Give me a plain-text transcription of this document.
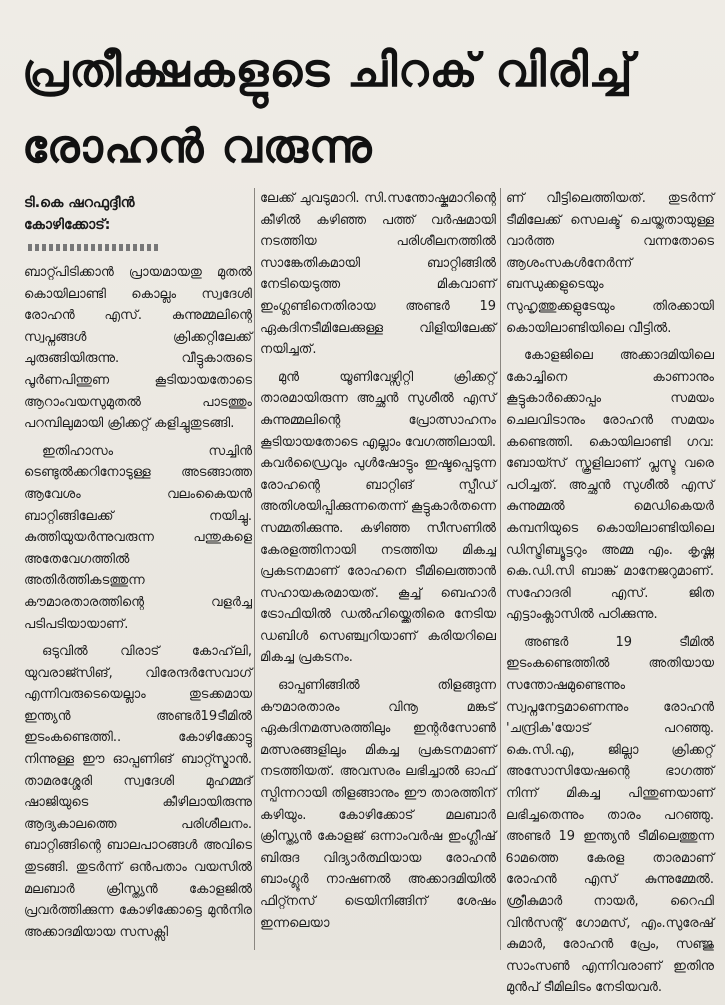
പ്രതീക്ഷകളുടെ ചിറക് വിരിച്ച്
രോഹൻ വരുന്നു
ടി.കെ ഷറഫുദ്ദീൻ
കോഴിക്കോട്:

ബാറ്റ്പിടിക്കാൻ പ്രായമായതു മുതൽ കൊയിലാണ്ടി കൊല്ലം സ്വദേശി രോഹൻ എസ്. കുന്നുമ്മലിന്റെ സ്വപ്നങ്ങൾ ക്രിക്കറ്റിലേക്ക് ചുരുങ്ങിയിരുന്നു. വീട്ടുകാരുടെ പൂർണപിന്തുണ കൂടിയായതോടെ ആറാംവയസുമുതൽ പാടത്തും പറമ്പിലുമായി ക്രിക്കറ്റ് കളിച്ചുതുടങ്ങി.

ഇതിഹാസം സച്ചിൻ ടെണ്ടുൽക്കറിനോടുള്ള അടങ്ങാത്ത ആവേശം വലംകൈയൻ ബാറ്റിങ്ങിലേക്ക് നയിച്ചു. കുത്തിയുയർന്നുവരുന്ന പന്തുകളെ അതേവേഗത്തിൽ അതിർത്തികടത്തുന്ന കൗമാരതാരത്തിന്റെ വളർച്ച പടിപടിയായാണ്.

ഒടുവിൽ വിരാട് കോഹ്‌ലി, യുവരാജ്സിങ്, വിരേന്ദർസേവാഗ് എന്നിവരുടെയെല്ലാം തുടക്കമായ ഇന്ത്യൻ അണ്ടർ19ടീമിൽ ഇടംകണ്ടെത്തി.. കോഴിക്കോട്ടു നിന്നുള്ള ഈ ഓപ്പണിങ് ബാറ്റ്സ്മാൻ. താമരശ്ശേരി സ്വദേശി മുഹമ്മദ് ഷാജിയുടെ കീഴിലായിരുന്നു ആദ്യകാലത്തെ പരിശീലനം. ബാറ്റിങ്ങിന്റെ ബാലപാഠങ്ങൾ അവിടെ തുടങ്ങി. തുടർന്ന് ഒൻപതാം വയസിൽ മലബാർ ക്രിസ്ത്യൻ കോളജിൽ പ്രവർത്തിക്കുന്ന കോഴിക്കോട്ടെ മുൻനിര അക്കാദമിയായ സസക്സി

ലേക്ക് ചുവടുമാറി. സി.സന്തോഷ്കുമാറിന്റെ കീഴിൽ കഴിഞ്ഞ പത്ത് വർഷമായി നടത്തിയ പരിശീലനത്തിൽ സാങ്കേതികമായി ബാറ്റിങ്ങിൽ നേടിയെടുത്ത മികവാണ് ഇംഗ്ലണ്ടിനെതിരായ അണ്ടർ 19 ഏകദിനടീമിലേക്കുള്ള വിളിയിലേക്ക് നയിച്ചത്.

മുൻ യൂണിവേഴ്സിറ്റി ക്രിക്കറ്റ് താരമായിരുന്ന അച്ഛൻ സുശീൽ എസ് കുന്നുമ്മലിന്റെ പ്രോത്സാഹനം കൂടിയായതോടെ എല്ലാം വേഗത്തിലായി. കവർഡ്രൈവും പുൾഷോട്ടും ഇഷ്ടപ്പെടുന്ന രോഹന്റെ ബാറ്റിങ് സ്പീഡ് അതിശയിപ്പിക്കുന്നതെന്ന് കൂട്ടുകാർതന്നെ സമ്മതിക്കുന്നു. കഴിഞ്ഞ സീസണിൽ കേരളത്തിനായി നടത്തിയ മികച്ച പ്രകടനമാണ് രോഹനെ ടീമിലെത്താൻ സഹായകരമായത്. കൂച്ച് ബെഹാർ ട്രോഫിയിൽ ഡൽഹിയ്ക്കെതിരെ നേടിയ ഡബിൾ സെഞ്ച്വറിയാണ് കരിയറിലെ മികച്ച പ്രകടനം.

ഓപ്പണിങ്ങിൽ തിളങ്ങുന്ന കൗമാരതാരം വിനൂ മങ്കട് ഏകദിനമത്സരത്തിലും ഇന്റർസോൺ മത്സരങ്ങളിലും മികച്ച പ്രകടനമാണ് നടത്തിയത്. അവസരം ലഭിച്ചാൽ ഓഫ് സ്പിന്നറായി തിളങ്ങാനും ഈ താരത്തിന് കഴിയും. കോഴിക്കോട് മലബാർ ക്രിസ്ത്യൻ കോളജ് ഒന്നാംവർഷ ഇംഗ്ലീഷ് ബിരുദ വിദ്യാർത്ഥിയായ രോഹൻ ബാംഗ്ലൂർ നാഷണൽ അക്കാദമിയിൽ ഫിറ്റ്നസ് ട്രെയിനിങ്ങിന് ശേഷം ഇന്നലെയാ

ണ് വീട്ടിലെത്തിയത്. തുടർന്ന് ടീമിലേക്ക് സെലക്ട് ചെയ്തതായുള്ള വാർത്ത വന്നതോടെ ആശംസകൾനേർന്ന് ബന്ധുക്കളുടെയും സുഹൃത്തുക്കളുടേയും തിരക്കായി കൊയിലാണ്ടിയിലെ വീട്ടിൽ.

കോളജിലെ അക്കാദമിയിലെ കോച്ചിനെ കാണാനും കൂട്ടുകാർക്കൊപ്പം സമയം ചെലവിടാനും രോഹൻ സമയം കണ്ടെത്തി. കൊയിലാണ്ടി ഗവ: ബോയ്സ് സ്കൂളിലാണ് പ്ലസ്ടു വരെ പഠിച്ചത്. അച്ഛൻ സുശീൽ എസ് കുന്നുമ്മൽ മെഡികെയർ കമ്പനിയുടെ കൊയിലാണ്ടിയിലെ ഡിസ്ട്രിബ്യൂട്ടറും അമ്മ എം. കൃഷ്ണ കെ.ഡി.സി ബാങ്ക് മാനേജറുമാണ്. സഹോദരി എസ്. ജിത എട്ടാംക്ലാസിൽ പഠിക്കുന്നു.

അണ്ടർ 19 ടീമിൽ ഇടംകണ്ടെത്തിൽ അതിയായ സന്തോഷമുണ്ടെന്നും സ്വപ്നനേട്ടമാണെന്നും രോഹൻ 'ചന്ദ്രിക'യോട് പറഞ്ഞു. കെ.സി.എ, ജില്ലാ ക്രിക്കറ്റ് അസോസിയേഷന്റെ ഭാഗത്ത് നിന്ന് മികച്ച പിന്തുണയാണ് ലഭിച്ചതെന്നും താരം പറഞ്ഞു. അണ്ടർ 19 ഇന്ത്യൻ ടീമിലെത്തുന്ന 6ാമത്തെ കേരള താരമാണ് രോഹൻ എസ് കുന്നുമ്മേൽ. ശ്രീകുമാർ നായർ, റൈഫി വിൻസന്റ് ഗോമസ്, എം.സുരേഷ് കുമാർ, രോഹൻ പ്രേം, സഞ്ജു സാംസൺ എന്നിവരാണ് ഇതിനു മുൻപ് ടീമിലിടം നേടിയവർ.
